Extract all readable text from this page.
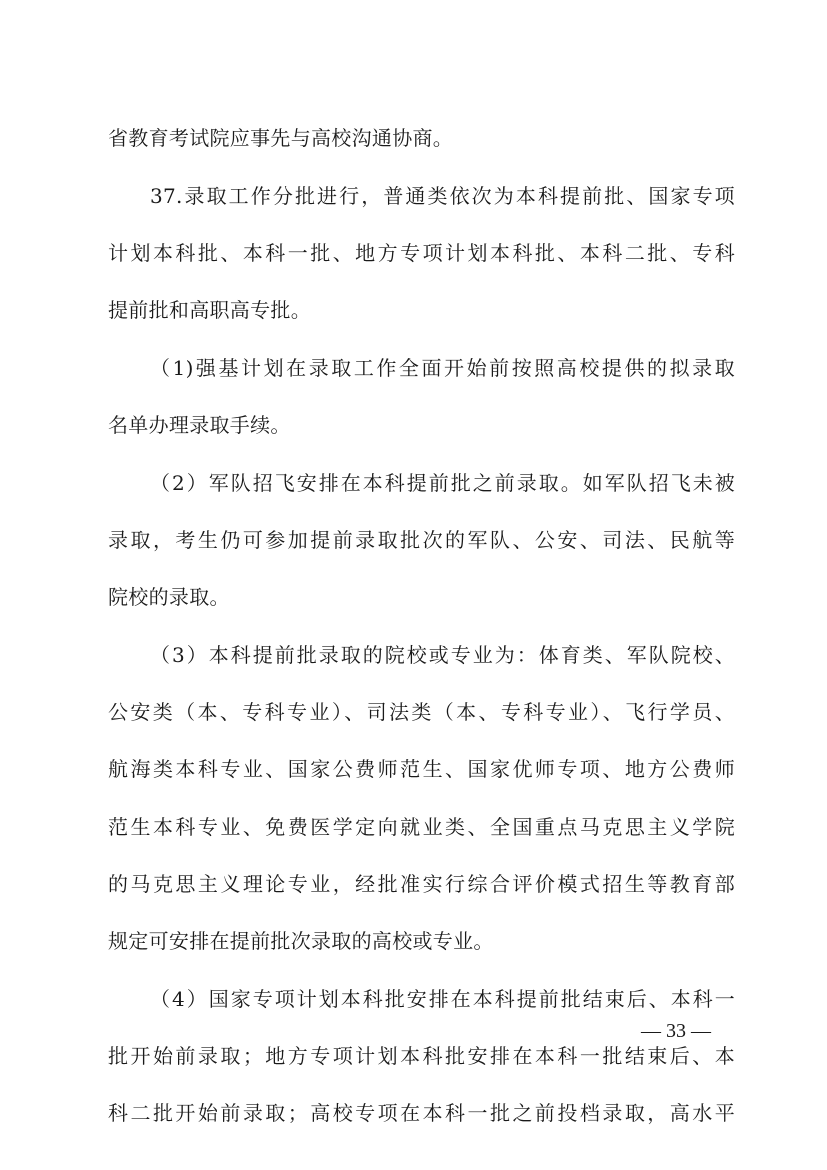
省教育考试院应事先与高校沟通协商。
37.录取工作分批进行，普通类依次为本科提前批、国家专项
计划本科批、本科一批、地方专项计划本科批、本科二批、专科
提前批和高职高专批。
（1)强基计划在录取工作全面开始前按照高校提供的拟录取
名单办理录取手续。
（2）军队招飞安排在本科提前批之前录取。如军队招飞未被
录取，考生仍可参加提前录取批次的军队、公安、司法、民航等
院校的录取。
（3）本科提前批录取的院校或专业为：体育类、军队院校、
公安类（本、专科专业）、司法类（本、专科专业）、飞行学员、
航海类本科专业、国家公费师范生、国家优师专项、地方公费师
范生本科专业、免费医学定向就业类、全国重点马克思主义学院
的马克思主义理论专业，经批准实行综合评价模式招生等教育部
规定可安排在提前批次录取的高校或专业。
（4）国家专项计划本科批安排在本科提前批结束后、本科一
批开始前录取；地方专项计划本科批安排在本科一批结束后、本
科二批开始前录取；高校专项在本科一批之前投档录取，高水平
— 33 —
